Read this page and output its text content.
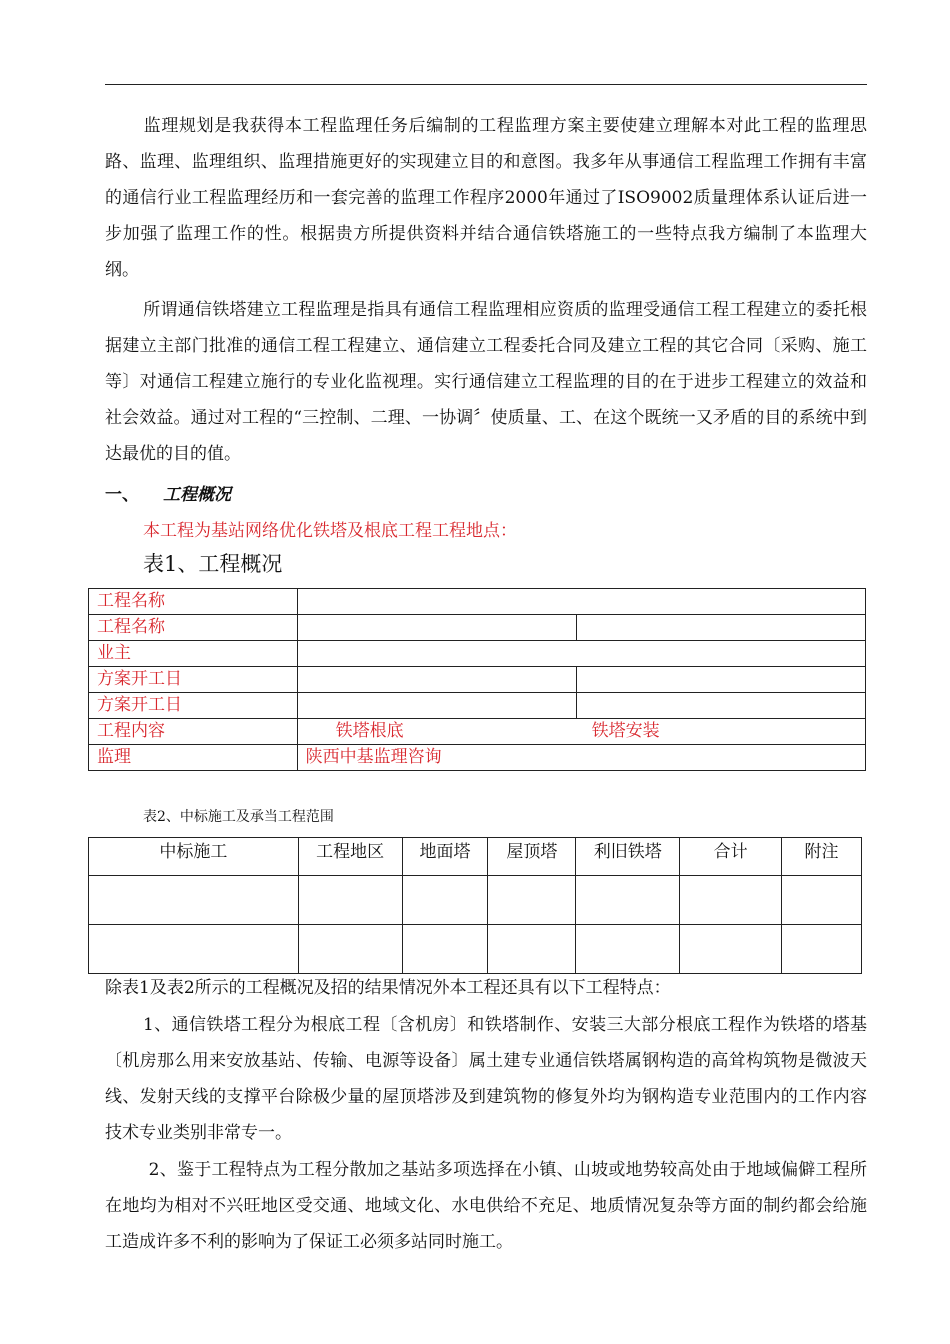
监理规划是我获得本工程监理任务后编制的工程监理方案主要使建立理解本对此工程的监理思路、监理、监理组织、监理措施更好的实现建立目的和意图。我多年从事通信工程监理工作拥有丰富的通信行业工程监理经历和一套完善的监理工作程序2000年通过了ISO9002质量理体系认证后进一步加强了监理工作的性。根据贵方所提供资料并结合通信铁塔施工的一些特点我方编制了本监理大纲。

所谓通信铁塔建立工程监理是指具有通信工程监理相应资质的监理受通信工程工程建立的委托根据建立主部门批准的通信工程工程建立、通信建立工程委托合同及建立工程的其它合同〔采购、施工等〕对通信工程建立施行的专业化监视理。实行通信建立工程监理的目的在于进步工程建立的效益和社会效益。通过对工程的“三控制、二理、一协调〞使质量、工、在这个既统一又矛盾的目的系统中到达最优的目的值。

一、 工程概况
本工程为基站网络优化铁塔及根底工程工程地点：
表1、工程概况
工程名称		
工程名称		
业主		
方案开工日		
方案开工日		
工程内容	铁塔根底 铁塔安装	
监理	陕西中基监理咨询	
表2、中标施工及承当工程范围
中标施工	工程地区	地面塔	屋顶塔	利旧铁塔	合计	附注

除表1及表2所示的工程概况及招的结果情况外本工程还具有以下工程特点：

1、通信铁塔工程分为根底工程〔含机房〕和铁塔制作、安装三大部分根底工程作为铁塔的塔基〔机房那么用来安放基站、传输、电源等设备〕属土建专业通信铁塔属钢构造的高耸构筑物是微波天线、发射天线的支撑平台除极少量的屋顶塔涉及到建筑物的修复外均为钢构造专业范围内的工作内容技术专业类别非常专一。

2、鉴于工程特点为工程分散加之基站多项选择在小镇、山坡或地势较高处由于地域偏僻工程所在地均为相对不兴旺地区受交通、地域文化、水电供给不充足、地质情况复杂等方面的制约都会给施工造成许多不利的影响为了保证工必须多站同时施工。
